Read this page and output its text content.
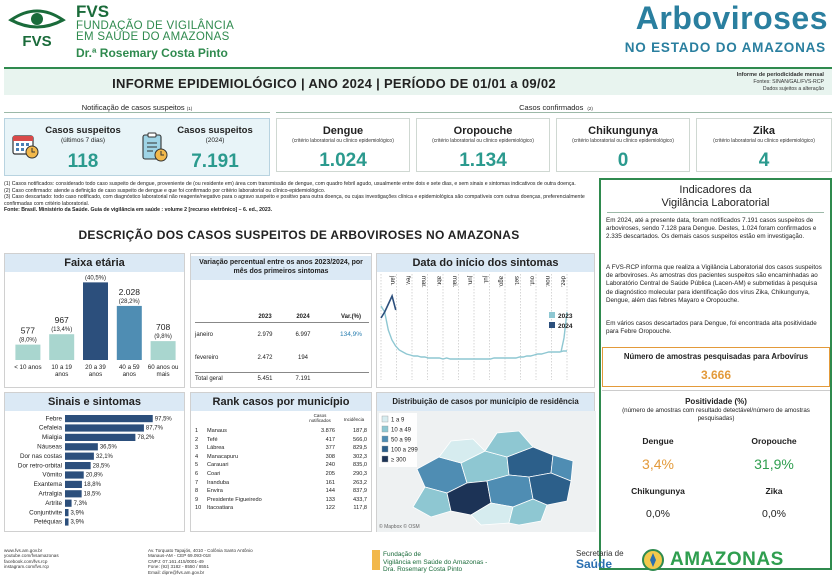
FVS
FVS
FUNDAÇÃO DE VIGILÂNCIA
EM SAÚDE DO AMAZONAS
Dr.ª Rosemary Costa Pinto
Arboviroses
NO ESTADO DO AMAZONAS
INFORME EPIDEMIOLÓGICO | ANO 2024 | PERÍODO DE 01/01 a 09/02
Informe de periodicidade mensal
Fontes: SINAN/GAL/FVS-RCP
Dados sujeitos a alteração
Notificação de casos suspeitos (1)	Casos confirmados (2)
Casos suspeitos
(últimos 7 dias)
118
Casos suspeitos
(2024)
7.191
Dengue
(critério laboratorial ou clínico epidemiológico)
1.024
Oropouche
(critério laboratorial ou clínico epidemiológico)
1.134
Chikungunya
(critério laboratorial ou clínico epidemiológico)
0
Zika
(critério laboratorial ou clínico epidemiológico)
4
(1) Casos notificados: considerado todo caso suspeito de dengue, proveniente de (ou residente em) área com transmissão de dengue, com quadro febril agudo, usualmente entre dois e sete dias, e sem sinais e sintomas indicativos de outra doença.
(2) Caso confirmado: atende a definição de caso suspeito de dengue e que foi confirmado por critério laboratorial ou clínico-epidemiológico.
(3) Caso descartado: todo caso notificado, com diagnóstico laboratorial não reagente/negativo para o agravo suspeito e positivo para outra doença, ou cujas investigações clínica e epidemiológica são compatíveis com outras doenças, preferencialmente confirmadas com critério laboratorial.
Fonte: Brasil. Ministério da Saúde. Guia de vigilância em saúde : volume 2 [recurso eletrônico] – 6. ed., 2023.
DESCRIÇÃO DOS CASOS SUSPEITOS DE ARBOVIROSES NO AMAZONAS
Faixa etária
577
(8,0%)
< 10 anos
967
(13,4%)
10 a 19
anos
(40,5%)
20 a 39
anos
2.028
(28,2%)
40 a 59
anos
708
(9,8%)
60 anos ou
mais
Variação percentual entre os anos 2023/2024, por mês dos primeiros sintomas
2023	2024	Var.(%)
janeiro	2.979	6.997	134,9%
fevereiro	2.472	194
Total geral	5.451	7.191
Data do início dos sintomas
jan. fev. mar. abr. mai. jun. jul. ago. set. out. nov. dez.
2023
2024
Sinais e sintomas
Febre	97,5%
Cefaleia	87,7%
Mialgia	78,2%
Náuseas	36,5%
Dor nas costas	32,1%
Dor retro-orbital	28,5%
Vômito	20,8%
Exantema	18,8%
Artralgia	18,5%
Artrite 7,3%
Conjuntivite 3,9%
Petéquias 3,9%
Rank casos por município
Casos notificados	Incidência
1	Manaus	3.876	187,8
2	Tefé	417	566,0
3	Lábrea	377	829,5
4	Manacapuru	308	302,3
5	Carauari	240	835,0
6	Coari	205	290,3
7	Iranduba	161	263,2
8	Envira	144	837,9
9	Presidente Figueiredo	133	433,7
10	Itacoatiara	122	117,8
Distribuição de casos por município de residência
1 a 9
10 a 49
50 a 99
100 a 299
≥ 300
© Mapbox © OSM
Indicadores da
Vigilância Laboratorial
Em 2024, até a presente data, foram notificados 7.191 casos suspeitos de arboviroses, sendo 7.128 para Dengue. Destes, 1.024 foram confirmados e 2.335 descartados. Os demais casos suspeitos estão em investigação.
A FVS-RCP informa que realiza a Vigilância Laboratorial dos casos suspeitos de arboviroses. As amostras dos pacientes suspeitos são encaminhadas ao Laboratório Central de Saúde Pública (Lacen-AM) e submetidas à pesquisa de diagnóstico molecular para identificação dos vírus Zika, Chikungunya, Dengue, além das febres Mayaro e Oropouche.
Em vários casos descartados para Dengue, foi encontrada alta positividade para Febre Oropouche.
Número de amostras pesquisadas para Arbovírus
3.666
Positividade (%)
(número de amostras com resultado detectável/número de amostras pesquisadas)
Dengue
3,4%
Oropouche
31,9%
Chikungunya
0,0%
Zika
0,0%
www.fvs.am.gov.br
youtube.com/fvsamazonas
facebook.com/fvs.rcp
instagram.com/fvs.rcp
Av. Torquato Tapajós, 4010 - Colônia Santo Antônio
Manaus-AM - CEP 69.093-018
CNPJ: 07.161.415/0001-49
Fone: (92) 3182 - 8550 / 8551
Email: dipre@fvs.am.gov.br
Fundação de
Vigilância em Saúde do Amazonas -
Dra. Rosemary Costa Pinto
Secretaria de
Saúde	AMAZONAS
